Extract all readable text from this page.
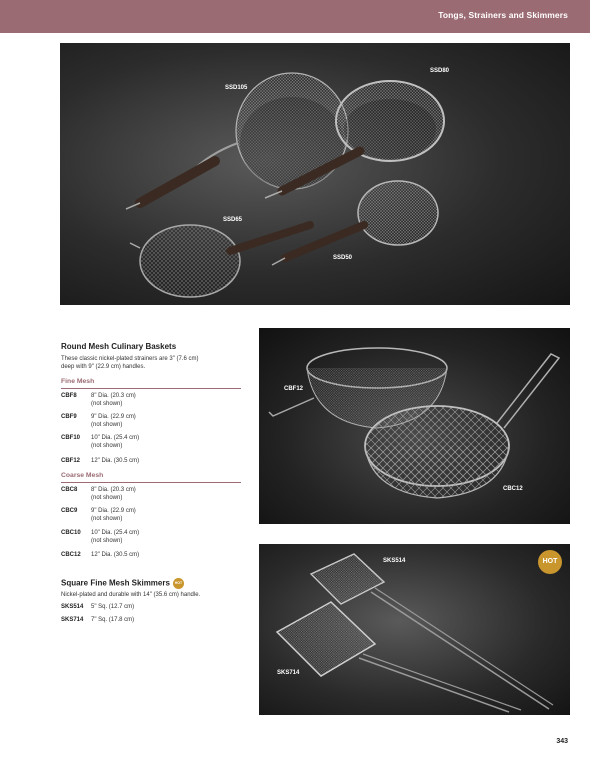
Tongs, Strainers and Skimmers
SSD105
SSD80
SSD65
SSD50
Round Mesh Culinary Baskets
These classic nickel-plated strainers are 3" (7.6 cm)
deep with 9" (22.9 cm) handles.
Fine Mesh
CBF8	8" Dia. (20.3 cm)
(not shown)
CBF9	9" Dia. (22.9 cm)
(not shown)
CBF10	10" Dia. (25.4 cm)
(not shown)
CBF12	12" Dia. (30.5 cm)
Coarse Mesh
CBC8	8" Dia. (20.3 cm)
(not shown)
CBC9	9" Dia. (22.9 cm)
(not shown)
CBC10	10" Dia. (25.4 cm)
(not shown)
CBC12	12" Dia. (30.5 cm)
Square Fine Mesh Skimmers HOT
Nickel-plated and durable with 14" (35.6 cm) handle.
SKS514	5" Sq. (12.7 cm)
SKS714	7" Sq. (17.8 cm)
CBF12
CBC12
SKS514
SKS714
HOT
343
